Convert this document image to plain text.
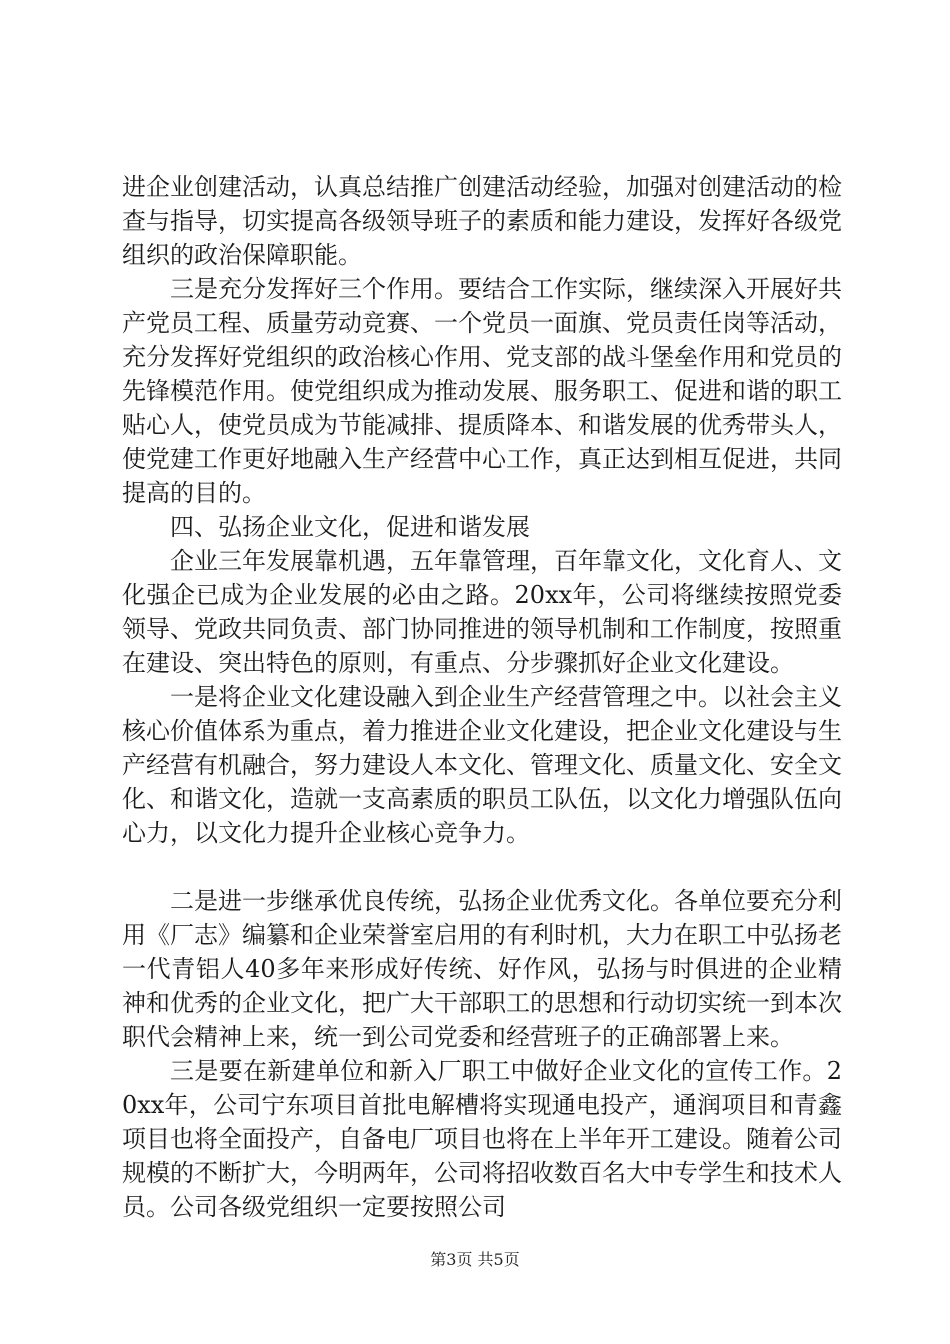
进企业创建活动，认真总结推广创建活动经验，加强对创建活动的检查与指导，切实提高各级领导班子的素质和能力建设，发挥好各级党组织的政治保障职能。

三是充分发挥好三个作用。要结合工作实际，继续深入开展好共产党员工程、质量劳动竞赛、一个党员一面旗、党员责任岗等活动，充分发挥好党组织的政治核心作用、党支部的战斗堡垒作用和党员的先锋模范作用。使党组织成为推动发展、服务职工、促进和谐的职工贴心人，使党员成为节能减排、提质降本、和谐发展的优秀带头人，使党建工作更好地融入生产经营中心工作，真正达到相互促进，共同提高的目的。

四、弘扬企业文化，促进和谐发展

企业三年发展靠机遇，五年靠管理，百年靠文化，文化育人、文化强企已成为企业发展的必由之路。20xx年，公司将继续按照党委领导、党政共同负责、部门协同推进的领导机制和工作制度，按照重在建设、突出特色的原则，有重点、分步骤抓好企业文化建设。

一是将企业文化建设融入到企业生产经营管理之中。以社会主义核心价值体系为重点，着力推进企业文化建设，把企业文化建设与生产经营有机融合，努力建设人本文化、管理文化、质量文化、安全文化、和谐文化，造就一支高素质的职员工队伍，以文化力增强队伍向心力，以文化力提升企业核心竞争力。

二是进一步继承优良传统，弘扬企业优秀文化。各单位要充分利用《厂志》编纂和企业荣誉室启用的有利时机，大力在职工中弘扬老一代青铝人40多年来形成好传统、好作风，弘扬与时俱进的企业精神和优秀的企业文化，把广大干部职工的思想和行动切实统一到本次职代会精神上来，统一到公司党委和经营班子的正确部署上来。

三是要在新建单位和新入厂职工中做好企业文化的宣传工作。20xx年，公司宁东项目首批电解槽将实现通电投产，通润项目和青鑫项目也将全面投产，自备电厂项目也将在上半年开工建设。随着公司规模的不断扩大，今明两年，公司将招收数百名大中专学生和技术人员。公司各级党组织一定要按照公司

第3页 共5页
